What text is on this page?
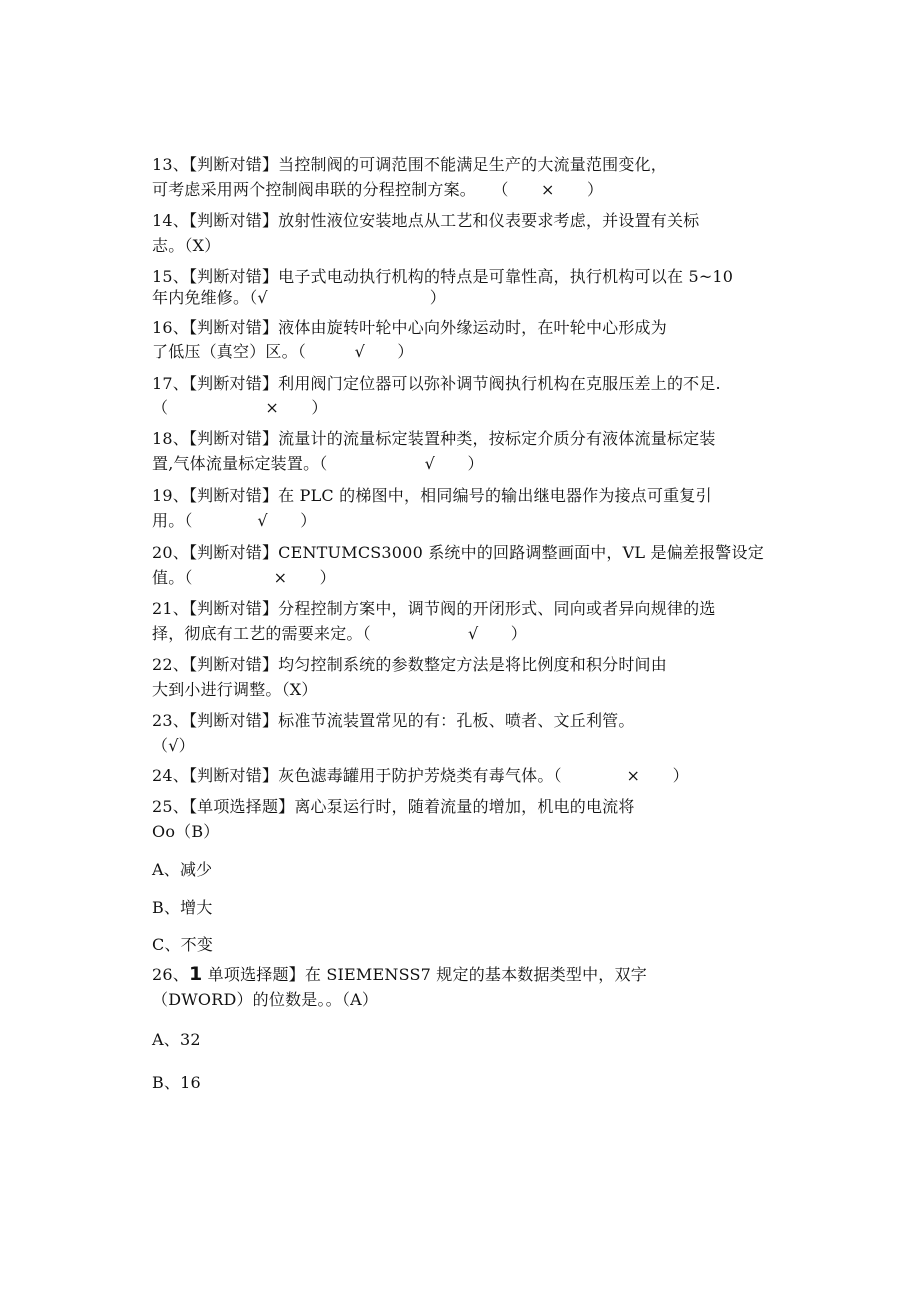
13、【判断对错】当控制阀的可调范围不能满足生产的大流量范围变化，
可考虑采用两个控制阀串联的分程控制方案。　　（　　×　　）
14、【判断对错】放射性液位安装地点从工艺和仪表要求考虑，并设置有关标
志。（X）
15、【判断对错】电子式电动执行机构的特点是可靠性高，执行机构可以在 5~10
年内免维修。（√　　　　　　　　　　）
16、【判断对错】液体由旋转叶轮中心向外缘运动时，在叶轮中心形成为
了低压（真空）区。（　　　√　　）
17、【判断对错】利用阀门定位器可以弥补调节阀执行机构在克服压差上的不足.
（　　　　　　×　　）
18、【判断对错】流量计的流量标定装置种类，按标定介质分有液体流量标定装
置,气体流量标定装置。（　　　　　　√　　）
19、【判断对错】在 PLC 的梯图中，相同编号的输出继电器作为接点可重复引
用。（　　　　√　　）
20、【判断对错】CENTUMCS3000 系统中的回路调整画面中，VL 是偏差报警设定
值。（　　　　　×　　）
21、【判断对错】分程控制方案中，调节阀的开闭形式、同向或者异向规律的选
择，彻底有工艺的需要来定。（　　　　　　√　　）
22、【判断对错】均匀控制系统的参数整定方法是将比例度和积分时间由
大到小进行调整。（X）
23、【判断对错】标准节流装置常见的有：孔板、喷者、文丘利管。
（√）
24、【判断对错】灰色滤毒罐用于防护芳烧类有毒气体。（　　　　×　　）
25、【单项选择题】离心泵运行时，随着流量的增加，机电的电流将
Oo（B）
A、减少
B、增大
C、不变
26、1 单项选择题】在 SIEMENSS7 规定的基本数据类型中，双字
（DWORD）的位数是。。（A）
A、32
B、16
